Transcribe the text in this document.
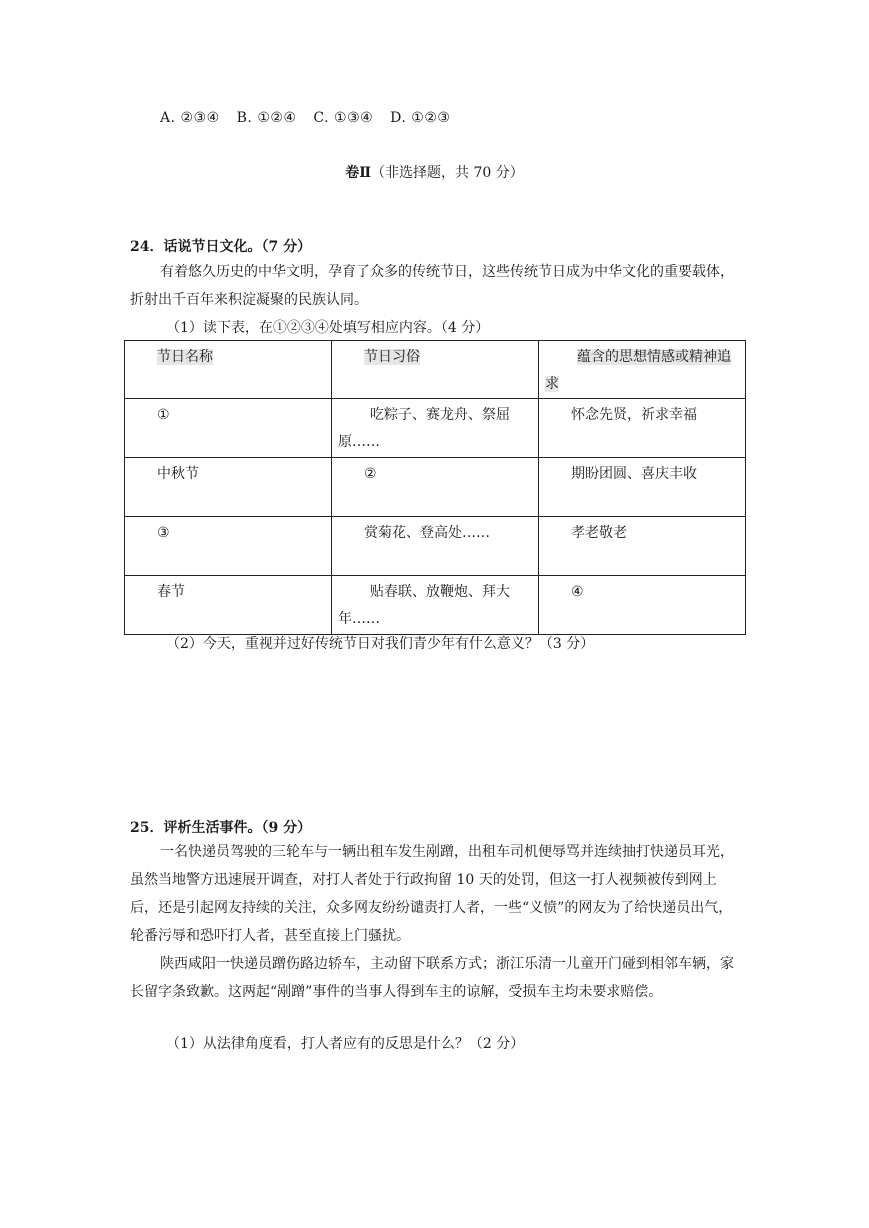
A. ②③④ B. ①②④ C. ①③④ D. ①②③
卷Ⅱ（非选择题，共 70 分）
24．话说节日文化。（7 分）
有着悠久历史的中华文明，孕育了众多的传统节日，这些传统节日成为中华文化的重要载体，折射出千百年来积淀凝聚的民族认同。
（1）读下表，在①②③④处填写相应内容。（4 分）
节日名称	节日习俗	蕴含的思想情感或精神追求
①	吃粽子、赛龙舟、祭屈原……	怀念先贤，祈求幸福
中秋节	②	期盼团圆、喜庆丰收
③	赏菊花、登高处……	孝老敬老
春节	贴春联、放鞭炮、拜大年……	④
（2）今天，重视并过好传统节日对我们青少年有什么意义？（3 分）
25．评析生活事件。（9 分）
一名快递员驾驶的三轮车与一辆出租车发生剐蹭，出租车司机便辱骂并连续抽打快递员耳光，虽然当地警方迅速展开调查，对打人者处于行政拘留 10 天的处罚，但这一打人视频被传到网上后，还是引起网友持续的关注，众多网友纷纷谴责打人者，一些“义愤”的网友为了给快递员出气，轮番污辱和恐吓打人者，甚至直接上门骚扰。
陕西咸阳一快递员蹭伤路边轿车，主动留下联系方式；浙江乐清一儿童开门碰到相邻车辆，家长留字条致歉。这两起“剐蹭”事件的当事人得到车主的谅解，受损车主均未要求赔偿。
（1）从法律角度看，打人者应有的反思是什么？（2 分）
